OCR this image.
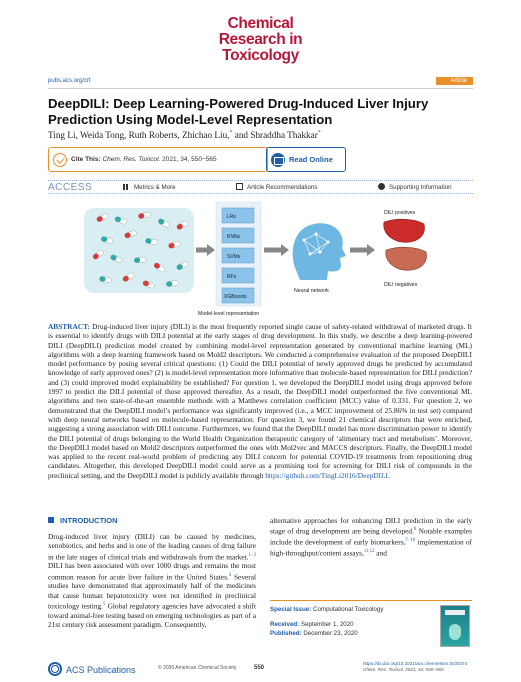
Chemical
Research in
Toxicology
pubs.acs.org/crt	Article
DeepDILI: Deep Learning-Powered Drug-Induced Liver Injury Prediction Using Model-Level Representation
Ting Li, Weida Tong, Ruth Roberts, Zhichao Liu,* and Shraddha Thakkar*
Cite This: Chem. Res. Toxicol. 2021, 34, 550−565	Read Online
ACCESS	Metrics & More	Article Recommendations	Supporting Information
LRs
KNNs
SVMs
RFs
XGBoosts
Model-level representation
Neural network
DILI positives
DILI negatives

ABSTRACT: Drug-induced liver injury (DILI) is the most frequently reported single cause of safety-related withdrawal of marketed drugs. It is essential to identify drugs with DILI potential at the early stages of drug development. In this study, we describe a deep learning-powered DILI (DeepDILI) prediction model created by combining model-level representation generated by conventional machine learning (ML) algorithms with a deep learning framework based on Mold2 descriptors. We conducted a comprehensive evaluation of the proposed DeepDILI model performance by posing several critical questions: (1) Could the DILI potential of newly approved drugs be predicted by accumulated knowledge of early approved ones? (2) is model-level representation more informative than molecule-based representation for DILI prediction? and (3) could improved model explainability be established? For question 1, we developed the DeepDILI model using drugs approved before 1997 to predict the DILI potential of those approved thereafter. As a result, the DeepDILI model outperformed the five conventional ML algorithms and two state-of-the-art ensemble methods with a Matthews correlation coefficient (MCC) value of 0.331. For question 2, we demonstrated that the DeepDILI model’s performance was significantly improved (i.e., a MCC improvement of 25.86% in test set) compared with deep neural networks based on molecule-based representation. For question 3, we found 21 chemical descriptors that were enriched, suggesting a strong association with DILI outcome. Furthermore, we found that the DeepDILI model has more discrimination power to identify the DILI potential of drugs belonging to the World Health Organization therapeutic category of ‘alimentary tract and metabolism’. Moreover, the DeepDILI model based on Mold2 descriptors outperformed the ones with Mol2vec and MACCS descriptors. Finally, the DeepDILI model was applied to the recent real-world problem of predicting any DILI concern for potential COVID-19 treatments from repositioning drug candidates. Altogether, this developed DeepDILI model could serve as a promising tool for screening for DILI risk of compounds in the preclinical setting, and the DeepDILI model is publicly available through https://github.com/TingLi2016/DeepDILI.

INTRODUCTION

Drug-induced liver injury (DILI) can be caused by medicines, xenobiotics, and herbs and is one of the leading causes of drug failure in the late stages of clinical trials and withdrawals from the market.$^{1-3}$ DILI has been associated with over 1000 drugs and remains the most common reason for acute liver failure in the United States.$^4$ Several studies have demonstrated that approximately half of the medicines that cause human hepatotoxicity were not identified in preclinical toxicology testing.$^5$ Global regulatory agencies have advocated a shift toward animal-free testing based on emerging technologies as part of a 21st century risk assessment paradigm. Consequently,

alternative approaches for enhancing DILI prediction in the early stage of drug development are being developed.$^6$ Notable examples include the development of early biomarkers,$^{7-10}$ implementation of high-throughput/content assays,$^{11,12}$ and

Special Issue: Computational Toxicology
Received: September 1, 2020
Published: December 23, 2020
ACS Publications	© 2020 American Chemical Society	550
https://dx.doi.org/10.1021/acs.chemrestox.0c00374
Chem. Res. Toxicol. 2021, 34, 550−565
